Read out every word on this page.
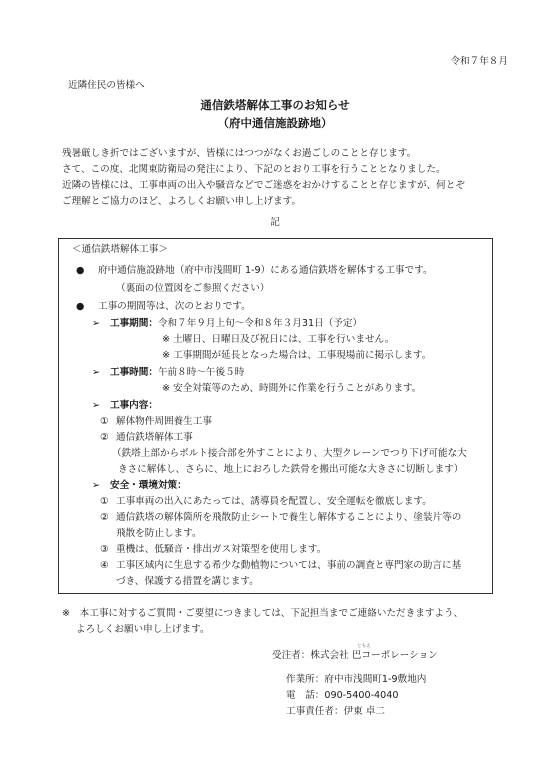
令和７年８月
近隣住民の皆様へ
通信鉄塔解体工事のお知らせ
（府中通信施設跡地）
残暑厳しき折ではございますが、皆様にはつつがなくお過ごしのことと存じます。
さて、この度、北関東防衛局の発注により、下記のとおり工事を行うこととなりました。
近隣の皆様には、工事車両の出入や騒音などでご迷惑をおかけすることと存じますが、何とぞ
ご理解とご協力のほど、よろしくお願い申し上げます。
記
＜通信鉄塔解体工事＞
● 府中通信施設跡地（府中市浅間町 1-9）にある通信鉄塔を解体する工事です。
（裏面の位置図をご参照ください）
● 工事の期間等は、次のとおりです。
➢ 工事期間：令和７年９月上旬～令和８年３月31日（予定）
※ 土曜日、日曜日及び祝日には、工事を行いません。
※ 工事期間が延長となった場合は、工事現場前に掲示します。
➢ 工事時間：午前８時～午後５時
※ 安全対策等のため、時間外に作業を行うことがあります。
➢ 工事内容：
① 解体物件周囲養生工事
② 通信鉄塔解体工事
（鉄塔上部からボルト接合部を外すことにより、大型クレーンでつり下げ可能な大
きさに解体し、さらに、地上におろした鉄骨を搬出可能な大きさに切断します）
➢ 安全・環境対策：
① 工事車両の出入にあたっては、誘導員を配置し、安全運転を徹底します。
② 通信鉄塔の解体箇所を飛散防止シートで養生し解体することにより、塗装片等の
飛散を防止します。
③ 重機は、低騒音・排出ガス対策型を使用します。
④ 工事区域内に生息する希少な動植物については、事前の調査と専門家の助言に基
づき、保護する措置を講じます。
※　本工事に対するご質問・ご要望につきましては、下記担当までご連絡いただきますよう、
よろしくお願い申し上げます。
ともえ
受注者：株式会社 巴コーポレーション
作業所：府中市浅間町1-9敷地内
電　話：090-5400-4040
工事責任者：伊東 卓二
